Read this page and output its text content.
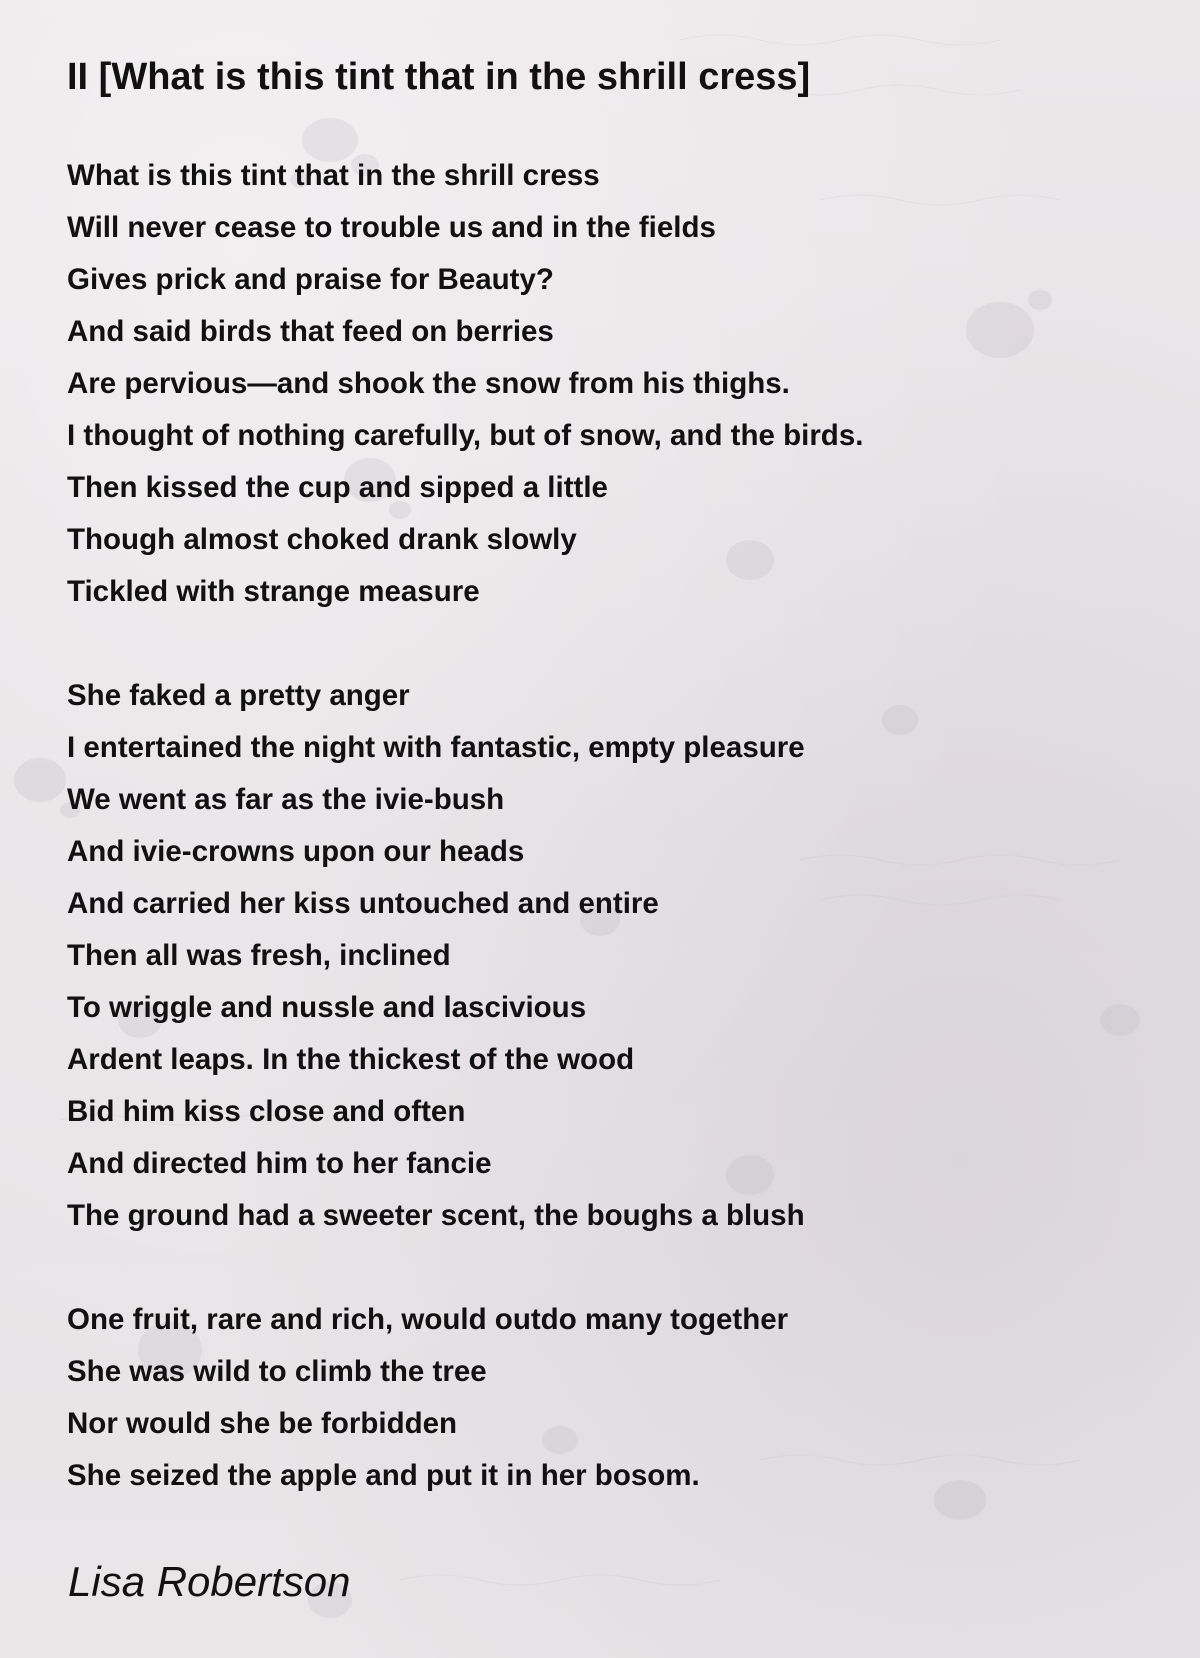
II [What is this tint that in the shrill cress]
What is this tint that in the shrill cress
Will never cease to trouble us and in the fields
Gives prick and praise for Beauty?
And said birds that feed on berries
Are pervious—and shook the snow from his thighs.
I thought of nothing carefully, but of snow, and the birds.
Then kissed the cup and sipped a little
Though almost choked drank slowly
Tickled with strange measure
She faked a pretty anger
I entertained the night with fantastic, empty pleasure
We went as far as the ivie-bush
And ivie-crowns upon our heads
And carried her kiss untouched and entire
Then all was fresh, inclined
To wriggle and nussle and lascivious
Ardent leaps. In the thickest of the wood
Bid him kiss close and often
And directed him to her fancie
The ground had a sweeter scent, the boughs a blush
One fruit, rare and rich, would outdo many together
She was wild to climb the tree
Nor would she be forbidden
She seized the apple and put it in her bosom.

Lisa Robertson
